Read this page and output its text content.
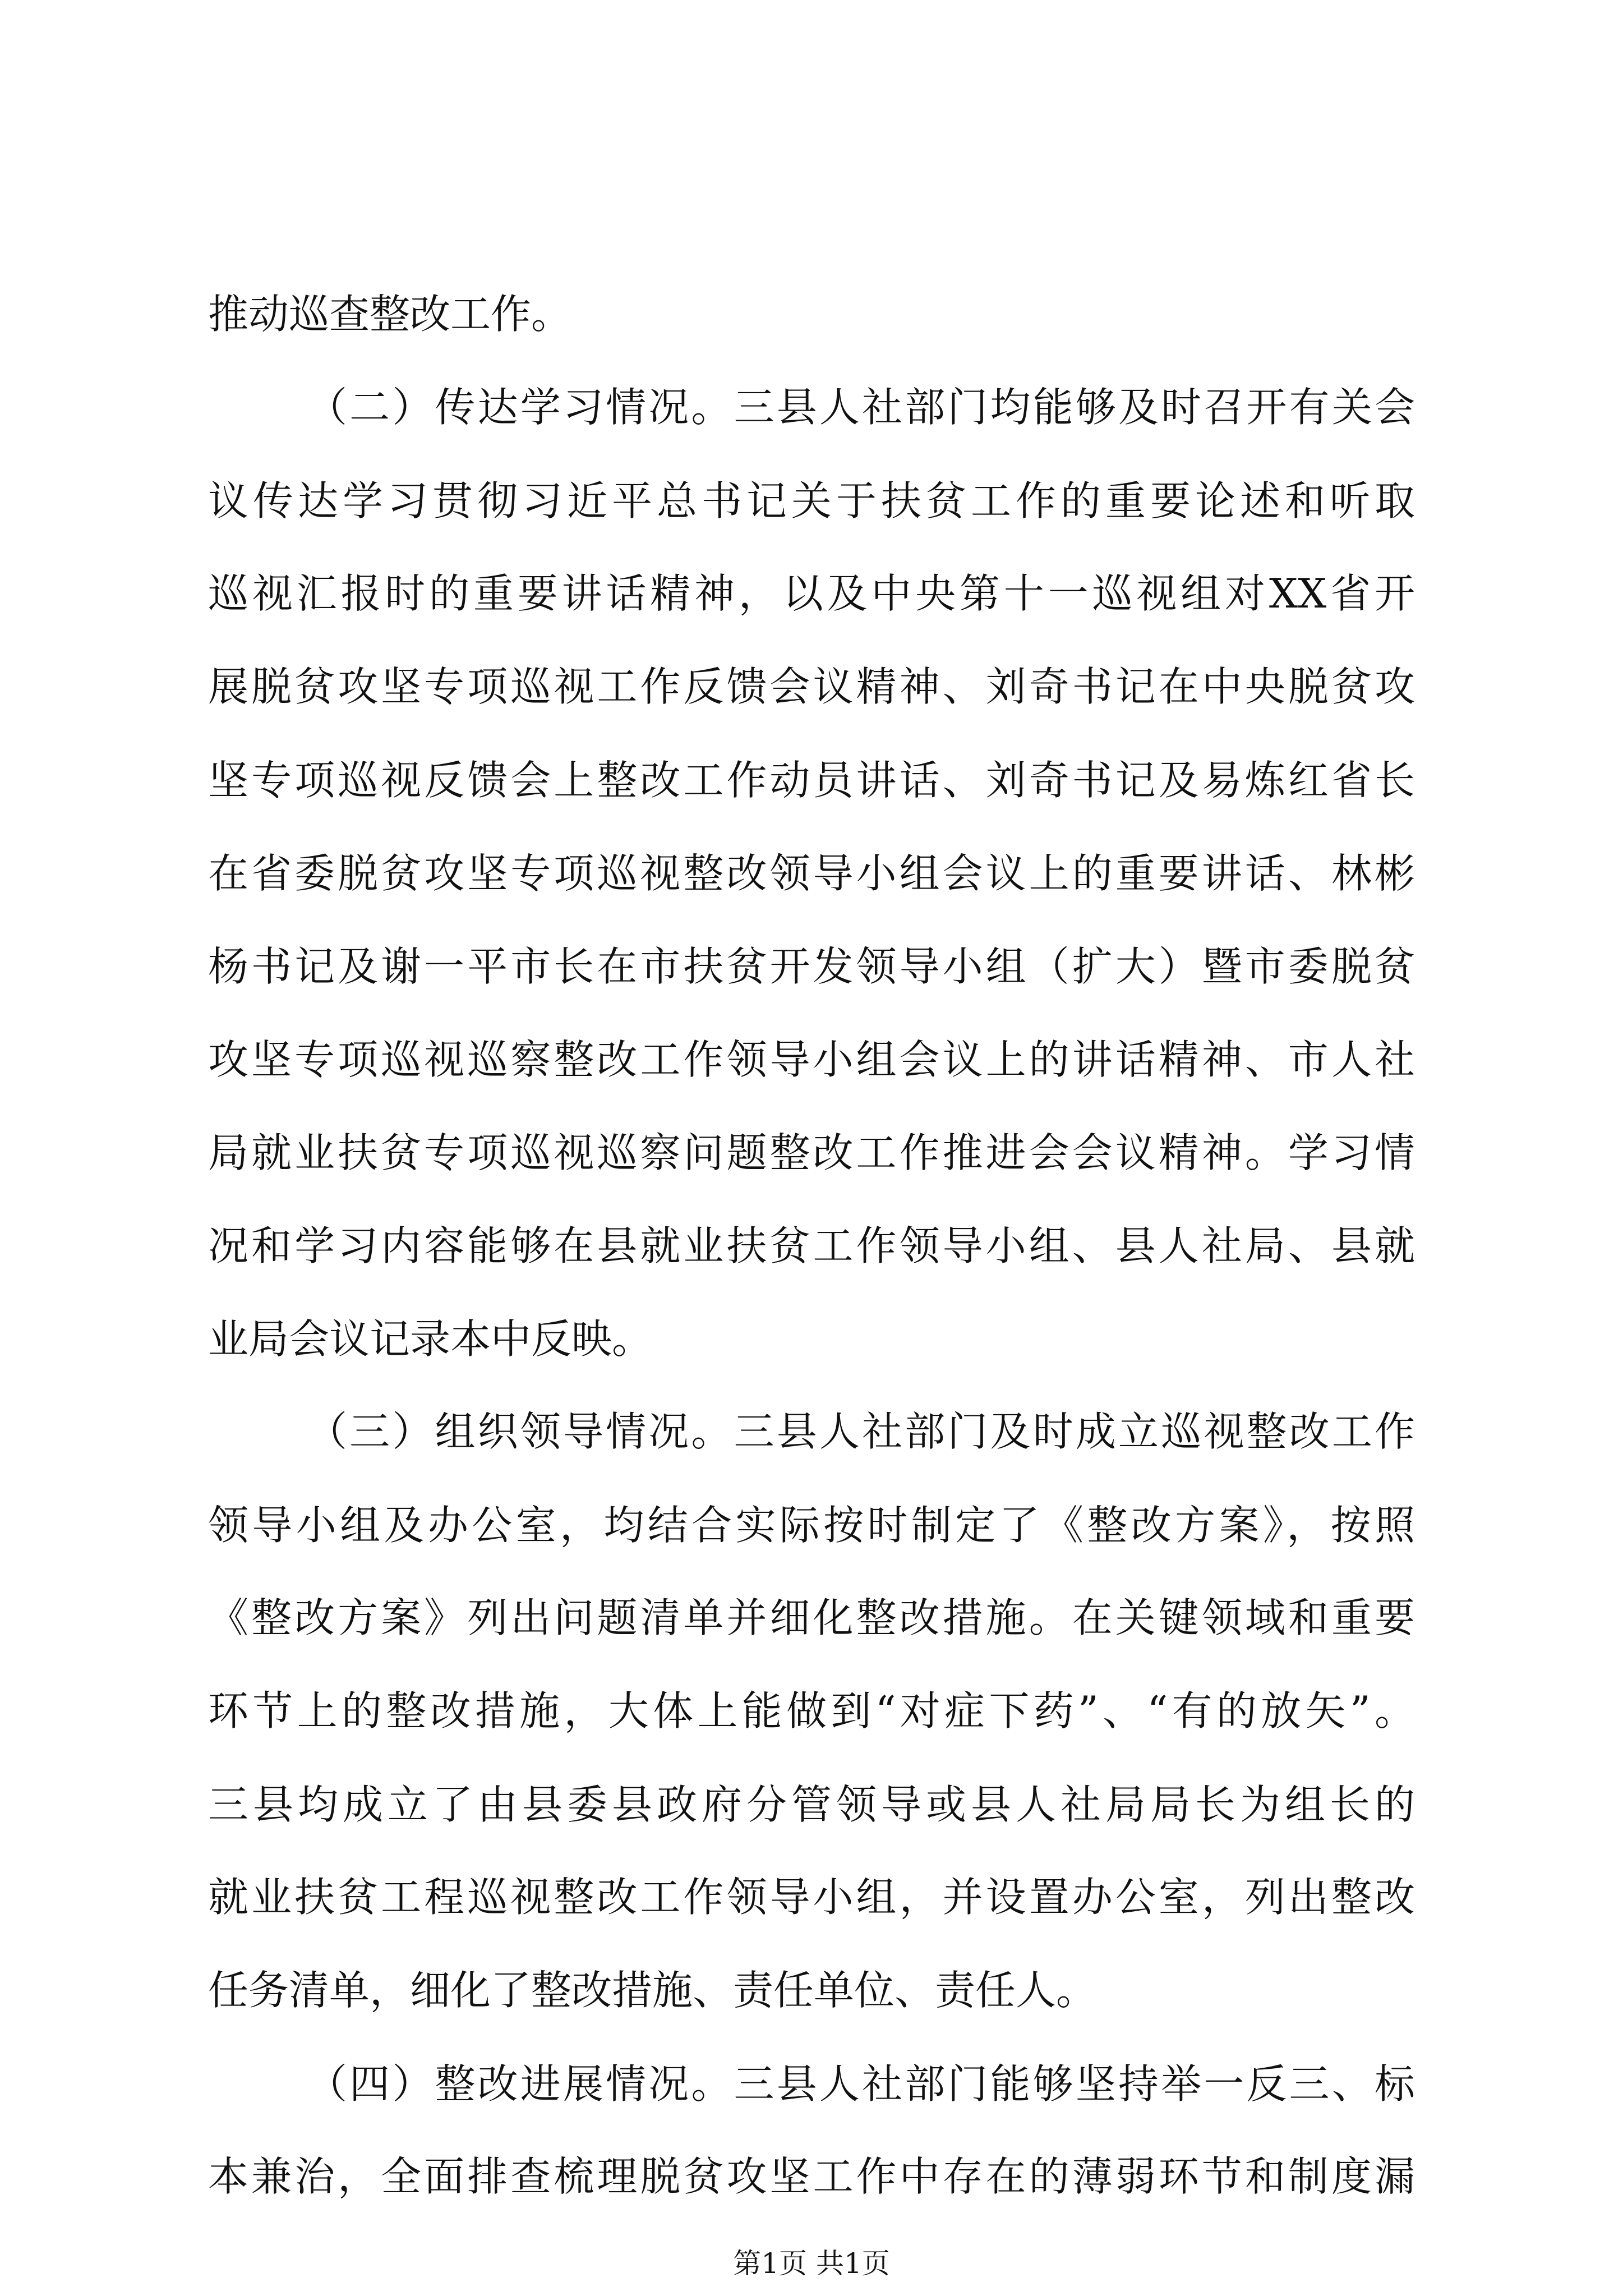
推动巡查整改工作。
（二）传达学习情况。三县人社部门均能够及时召开有关会
议传达学习贯彻习近平总书记关于扶贫工作的重要论述和听取
巡视汇报时的重要讲话精神，以及中央第十一巡视组对XX省开
展脱贫攻坚专项巡视工作反馈会议精神、刘奇书记在中央脱贫攻
坚专项巡视反馈会上整改工作动员讲话、刘奇书记及易炼红省长
在省委脱贫攻坚专项巡视整改领导小组会议上的重要讲话、林彬
杨书记及谢一平市长在市扶贫开发领导小组（扩大）暨市委脱贫
攻坚专项巡视巡察整改工作领导小组会议上的讲话精神、市人社
局就业扶贫专项巡视巡察问题整改工作推进会会议精神。学习情
况和学习内容能够在县就业扶贫工作领导小组、县人社局、县就
业局会议记录本中反映。
（三）组织领导情况。三县人社部门及时成立巡视整改工作
领导小组及办公室，均结合实际按时制定了《整改方案》，按照
《整改方案》列出问题清单并细化整改措施。在关键领域和重要
环节上的整改措施，大体上能做到“对症下药”、“有的放矢”。
三县均成立了由县委县政府分管领导或县人社局局长为组长的
就业扶贫工程巡视整改工作领导小组，并设置办公室，列出整改
任务清单，细化了整改措施、责任单位、责任人。
（四）整改进展情况。三县人社部门能够坚持举一反三、标
本兼治，全面排查梳理脱贫攻坚工作中存在的薄弱环节和制度漏
第1页 共1页
